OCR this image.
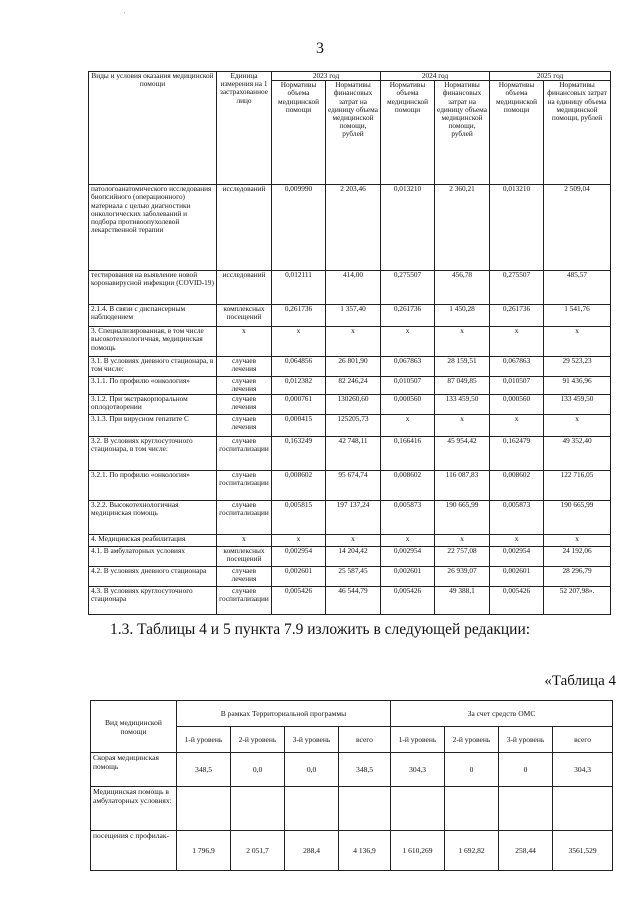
'
3
Виды и условия оказания медицинской помощи	Единица измерения на 1 застрахованное лицо	2023 год		2024 год		2025 год	
		Нормативы объема медицинской помощи	Нормативы финансовых затрат на единицу объема медицинской помощи, рублей	Нормативы объема медицинской помощи	Нормативы финансовых затрат на единицу объема медицинской помощи, рублей	Нормативы объема медицинской помощи	Нормативы финансовых затрат на единицу объема медицинской помощи, рублей
патологоанатомического исследования биопсийного (операционного) материала с целью диагностики онкологических заболеваний и подбора противоопухолевой лекарственной терапии	исследований	0,009990	2 203,46	0,013210	2 360,21	0,013210	2 509,04
тестирования на выявление новой коронавирусной инфекции (COVID-19)	исследований	0,012111	414,00	0,275507	456,78	0,275507	485,57
2.1.4. В связи с диспансерным наблюдением	комплексных посещений	0,261736	1 357,40	0,261736	1 450,28	0,261736	1 541,76
3. Специализированная, в том числе высокотехнологичная, медицинская помощь	х	х	х	х	х	х	х
3.1. В условиях дневного стационара, в том числе:	случаев лечения	0,064856	26 801,90	0,067863	28 159,51	0,067863	29 523,23
3.1.1. По профилю «онкология»	случаев лечения	0,012382	82 246,24	0,010507	87 049,85	0,010507	91 436,96
3.1.2. При экстракорпоральном оплодотворении	случаев лечения	0,000761	130260,60	0,000560	133 459,50	0,000560	133 459,50
3.1.3. При вирусном гепатите С	случаев лечения	0,000415	125205,73	х	х	х	х
3.2. В условиях круглосуточного стационара, в том числе:	случаев госпитализации	0,163249	42 748,11	0,166416	45 954,42	0,162479	49 352,40
3.2.1. По профилю «онкология»	случаев госпитализации	0,008602	95 674,74	0,008602	116 087,83	0,008602	122 716,05
3.2.2. Высокотехнологичная медицинская помощь	случаев госпитализации	0,005815	197 137,24	0,005873	190 665,99	0,005873	190 665,99
4. Медицинская реабилитация	х	х	х	х	х	х	х
4.1. В амбулаторных условиях	комплексных посещений	0,002954	14 204,42	0,002954	22 757,08	0,002954	24 192,06
4.2. В условиях дневного стационара	случаев лечения	0,002601	25 587,45	0,002601	26 939,07	0,002601	28 296,79
4.3. В условиях круглосуточного стационара	случаев госпитализации	0,005426	46 544,79	0,005426	49 388,1	0,005426	52 207,98».
1.3. Таблицы 4 и 5 пункта 7.9 изложить в следующей редакции:
«Таблица 4
Вид медицинской помощи	В рамках Территориальной программы				За счет средств ОМС			
	1-й уровень	2-й уровень	3-й уровень	всего	1-й уровень	2-й уровень	3-й уровень	всего
Скорая медицинская помощь	348,5	0,0	0,0	348,5	304,3	0	0	304,3
Медицинская помощь в амбулаторных условиях:								
посещения с профилак-	1 796,9	2 051,7	288,4	4 136,9	1 610,269	1 692,82	258,44	3561,529
